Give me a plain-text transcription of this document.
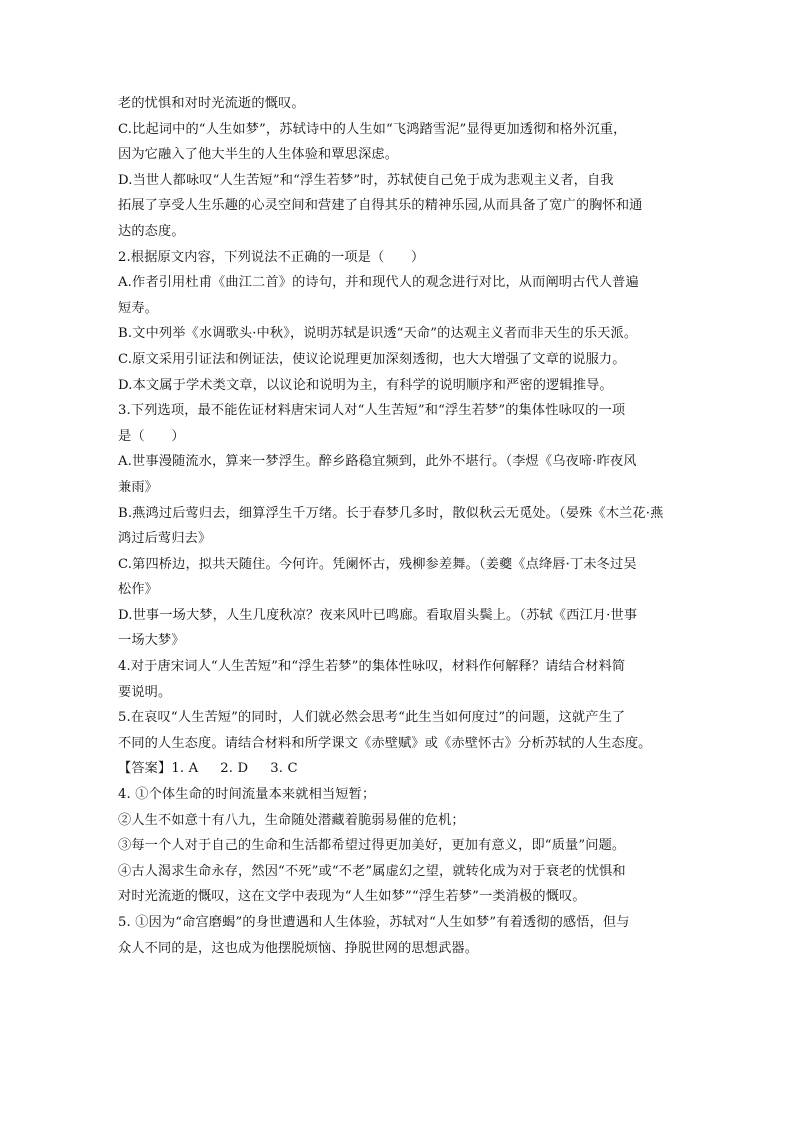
老的忧惧和对时光流逝的慨叹。
C.比起词中的“人生如梦”，苏轼诗中的人生如“飞鸿踏雪泥”显得更加透彻和格外沉重，
因为它融入了他大半生的人生体验和覃思深虑。
D.当世人都咏叹“人生苦短”和“浮生若梦”时，苏轼使自己免于成为悲观主义者，自我
拓展了享受人生乐趣的心灵空间和营建了自得其乐的精神乐园,从而具备了宽广的胸怀和通
达的态度。
2.根据原文内容，下列说法不正确的一项是（　　）
A.作者引用杜甫《曲江二首》的诗句，并和现代人的观念进行对比，从而阐明古代人普遍
短寿。
B.文中列举《水调歌头·中秋》，说明苏轼是识透“天命”的达观主义者而非天生的乐天派。
C.原文采用引证法和例证法，使议论说理更加深刻透彻，也大大增强了文章的说服力。
D.本文属于学术类文章，以议论和说明为主，有科学的说明顺序和严密的逻辑推导。
3.下列选项，最不能佐证材料唐宋词人对“人生苦短”和“浮生若梦”的集体性咏叹的一项
是（　　）
A.世事漫随流水，算来一梦浮生。醉乡路稳宜频到，此外不堪行。（李煜《乌夜啼·昨夜风
兼雨》
B.燕鸿过后莺归去，细算浮生千万绪。长于春梦几多时，散似秋云无觅处。（晏殊《木兰花·燕
鸿过后莺归去》
C.第四桥边，拟共天随住。今何许。凭阑怀古，残柳参差舞。（姜夔《点绛唇·丁未冬过吴
松作》
D.世事一场大梦，人生几度秋凉？夜来风叶已鸣廊。看取眉头鬓上。（苏轼《西江月·世事
一场大梦》
4.对于唐宋词人“人生苦短”和“浮生若梦”的集体性咏叹，材料作何解释？请结合材料简
要说明。
5.在哀叹“人生苦短”的同时，人们就必然会思考“此生当如何度过”的问题，这就产生了
不同的人生态度。请结合材料和所学课文《赤壁赋》或《赤壁怀古》分析苏轼的人生态度。
【答案】1. A 2. D 3. C
4. ①个体生命的时间流量本来就相当短暂；
②人生不如意十有八九，生命随处潜藏着脆弱易催的危机；
③每一个人对于自己的生命和生活都希望过得更加美好，更加有意义，即“质量”问题。
④古人渴求生命永存，然因“不死”或“不老”属虚幻之望，就转化成为对于衰老的忧惧和
对时光流逝的慨叹，这在文学中表现为“人生如梦”“浮生若梦”一类消极的慨叹。
5. ①因为“命宫磨蝎”的身世遭遇和人生体验，苏轼对“人生如梦”有着透彻的感悟，但与
众人不同的是，这也成为他摆脱烦恼、挣脱世网的思想武器。
